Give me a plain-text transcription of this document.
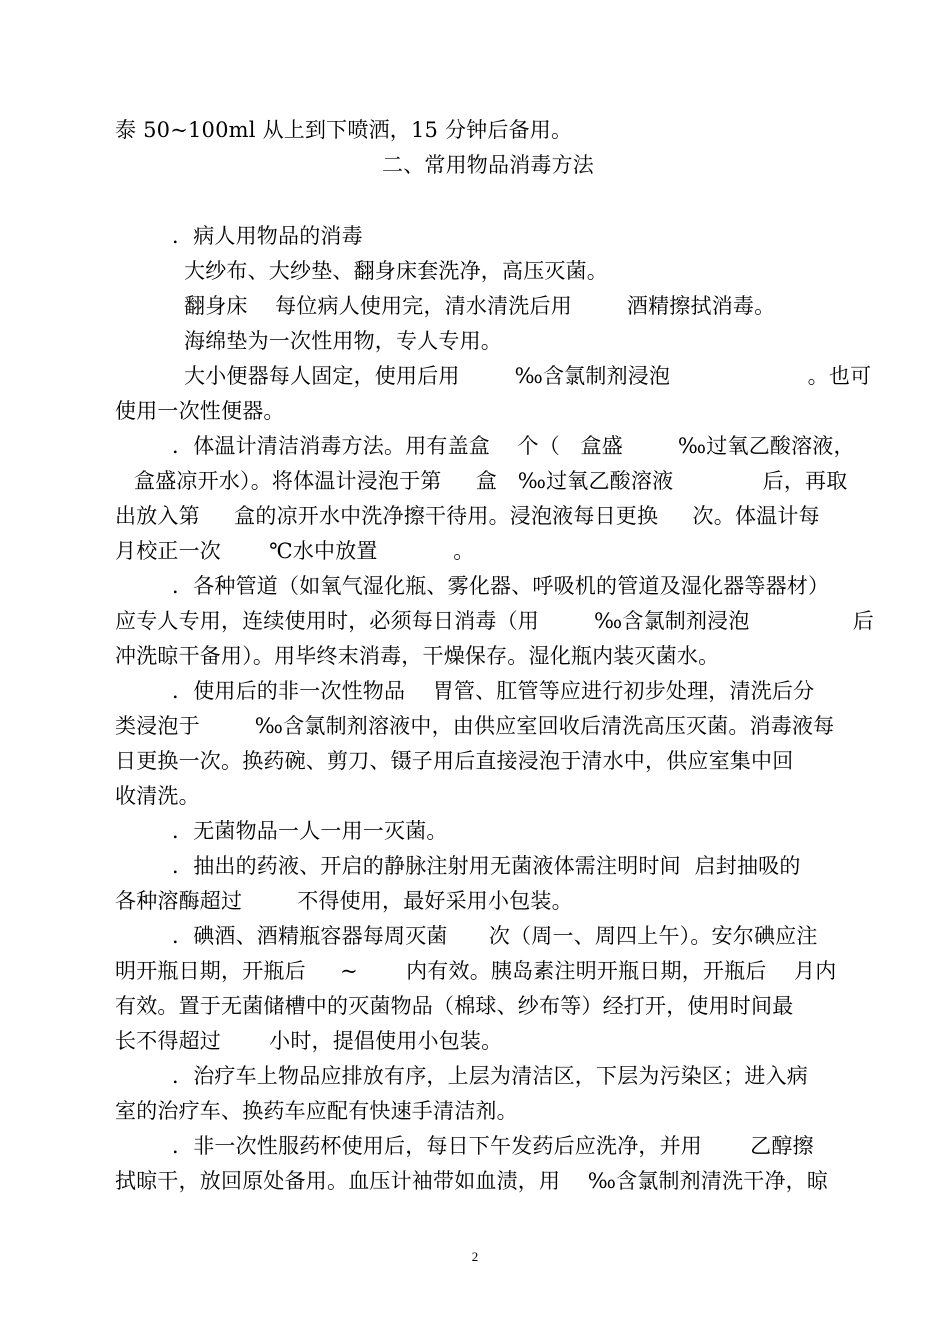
泰 50~100ml 从上到下喷洒，15 分钟后备用。
二、常用物品消毒方法
．病人用物品的消毒
大纱布、大纱垫、翻身床套洗净，高压灭菌。
翻身床    每位病人使用完，清水清洗后用        酒精擦拭消毒。
海绵垫为一次性用物，专人专用。
大小便器每人固定，使用后用        ‰含氯制剂浸泡                    。也可
使用一次性便器。
．体温计清洁消毒方法。用有盖盒    个（   盒盛        ‰过氧乙酸溶液，
盒盛凉开水）。将体温计浸泡于第     盒   ‰过氧乙酸溶液             后，再取
出放入第     盒的凉开水中洗净擦干待用。浸泡液每日更换     次。体温计每
月校正一次       ℃水中放置           。
．各种管道（如氧气湿化瓶、雾化器、呼吸机的管道及湿化器等器材）
应专人专用，连续使用时，必须每日消毒（用        ‰含氯制剂浸泡               后
冲洗晾干备用）。用毕终末消毒，干燥保存。湿化瓶内装灭菌水。
．使用后的非一次性物品    胃管、肛管等应进行初步处理，清洗后分
类浸泡于        ‰含氯制剂溶液中，由供应室回收后清洗高压灭菌。消毒液每
日更换一次。换药碗、剪刀、镊子用后直接浸泡于清水中，供应室集中回
收清洗。
．无菌物品一人一用一灭菌。
．抽出的药液、开启的静脉注射用无菌液体需注明时间  启封抽吸的
各种溶酶超过        不得使用，最好采用小包装。
．碘酒、酒精瓶容器每周灭菌      次（周一、周四上午）。安尔碘应注
明开瓶日期，开瓶后     ~       内有效。胰岛素注明开瓶日期，开瓶后    月内
有效。置于无菌储槽中的灭菌物品（棉球、纱布等）经打开，使用时间最
长不得超过       小时，提倡使用小包装。
．治疗车上物品应排放有序，上层为清洁区，下层为污染区；进入病
室的治疗车、换药车应配有快速手清洁剂。
．非一次性服药杯使用后，每日下午发药后应洗净，并用       乙醇擦
拭晾干，放回原处备用。血压计袖带如血渍，用    ‰含氯制剂清洗干净，晾
2
